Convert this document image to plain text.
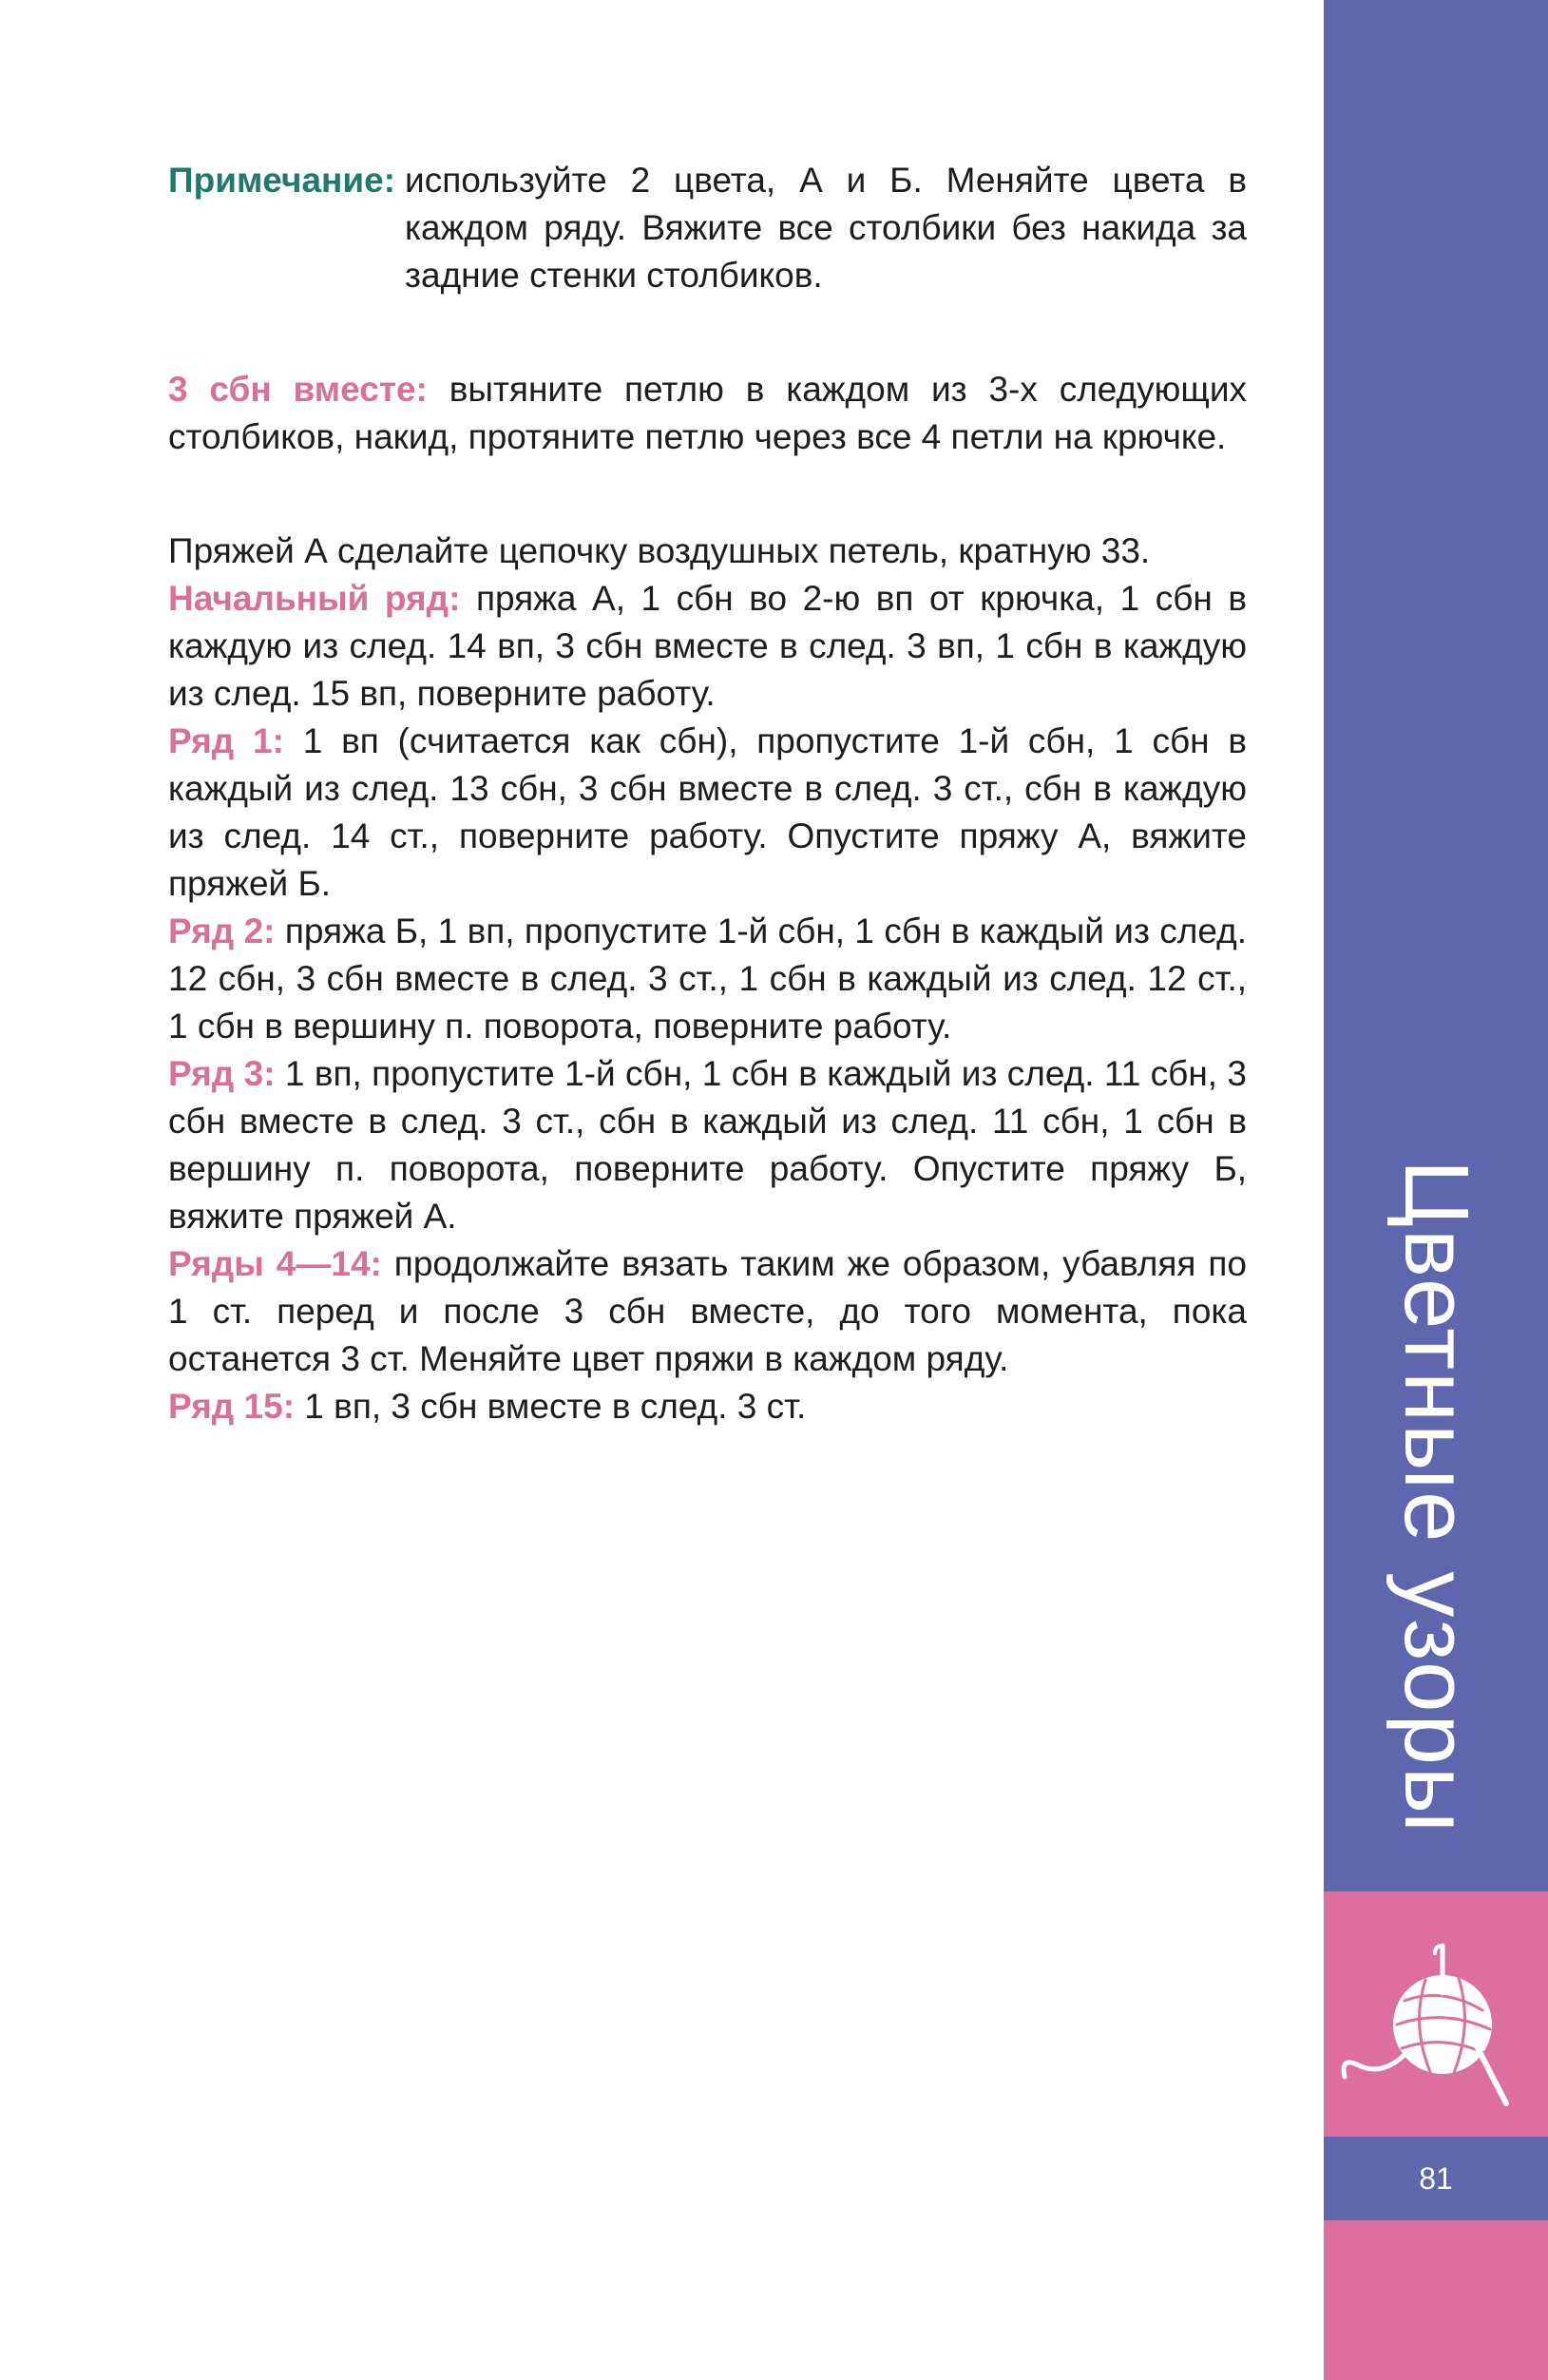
Примечание: используйте 2 цвета, А и Б. Меняйте цвета в каждом ряду. Вяжите все столбики без накида за задние стенки столбиков.

3 сбн вместе: вытяните петлю в каждом из 3-х следующих столбиков, накид, протяните петлю через все 4 петли на крючке.

Пряжей А сделайте цепочку воздушных петель, кратную 33.

Начальный ряд: пряжа А, 1 сбн во 2-ю вп от крючка, 1 сбн в каждую из след. 14 вп, 3 сбн вместе в след. 3 вп, 1 сбн в каждую из след. 15 вп, поверните работу.

Ряд 1: 1 вп (считается как сбн), пропустите 1-й сбн, 1 сбн в каждый из след. 13 сбн, 3 сбн вместе в след. 3 ст., сбн в каждую из след. 14 ст., поверните работу. Опустите пряжу А, вяжите пряжей Б.

Ряд 2: пряжа Б, 1 вп, пропустите 1-й сбн, 1 сбн в каждый из след. 12 сбн, 3 сбн вместе в след. 3 ст., 1 сбн в каждый из след. 12 ст., 1 сбн в вершину п. поворота, поверните работу.

Ряд 3: 1 вп, пропустите 1-й сбн, 1 сбн в каждый из след. 11 сбн, 3 сбн вместе в след. 3 ст., сбн в каждый из след. 11 сбн, 1 сбн в вершину п. поворота, поверните работу. Опустите пряжу Б, вяжите пряжей А.

Ряды 4—14: продолжайте вязать таким же образом, убавляя по 1 ст. перед и после 3 сбн вместе, до того момента, пока останется 3 ст. Меняйте цвет пряжи в каждом ряду.

Ряд 15: 1 вп, 3 сбн вместе в след. 3 ст.	Цветные узоры
81
